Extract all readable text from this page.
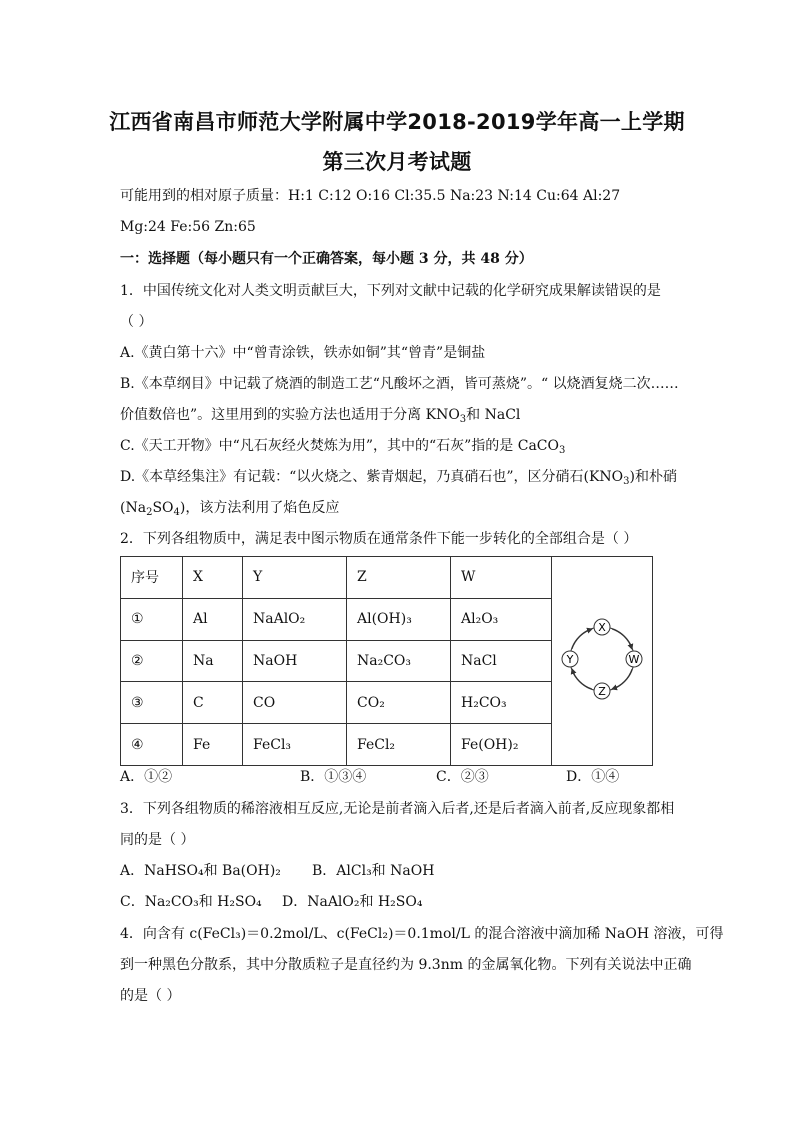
江西省南昌市师范大学附属中学2018-2019学年高一上学期
第三次月考试题
可能用到的相对原子质量：H:1 C:12 O:16 Cl:35.5 Na:23 N:14 Cu:64 Al:27
Mg:24 Fe:56 Zn:65
一：选择题（每小题只有一个正确答案，每小题 3 分，共 48 分）
1．中国传统文化对人类文明贡献巨大，下列对文献中记载的化学研究成果解读错误的是
（ ）
A.《黄白第十六》中“曾青涂铁，铁赤如铜”其“曾青”是铜盐
B.《本草纲目》中记载了烧酒的制造工艺“凡酸坏之酒，皆可蒸烧”。“ 以烧酒复烧二次……
价值数倍也”。这里用到的实验方法也适用于分离 $KNO_3$和 NaCl
C.《天工开物》中“凡石灰经火焚炼为用”，其中的“石灰”指的是 CaCO$_3$
D.《本草经集注》有记载：“以火烧之、紫青烟起，乃真硝石也”，区分硝石$(KNO_3)$和朴硝
$(Na_2SO_4)$，该方法利用了焰色反应
2．下列各组物质中，满足表中图示物质在通常条件下能一步转化的全部组合是（ ）
序号	X	Y	Z	W	X
W
Z
Y

①	Al	NaAlO₂	Al(OH)₃	Al₂O₃	
②	Na	NaOH	Na₂CO₃	NaCl	
③	C	CO	CO₂	H₂CO₃	
④	Fe	FeCl₃	FeCl₂	Fe(OH)₂	
A．①②	B．①③④	C．②③	D．①④
3．下列各组物质的稀溶液相互反应,无论是前者滴入后者,还是后者滴入前者,反应现象都相
同的是（ ）
A．NaHSO₄和 Ba(OH)₂ B．AlCl₃和 NaOH
C．Na₂CO₃和 H₂SO₄ D．NaAlO₂和 H₂SO₄
4．向含有 c(FeCl₃)＝0.2mol/L、c(FeCl₂)＝0.1mol/L 的混合溶液中滴加稀 NaOH 溶液，可得
到一种黑色分散系，其中分散质粒子是直径约为 9.3nm 的金属氧化物。下列有关说法中正确
的是（ ）
